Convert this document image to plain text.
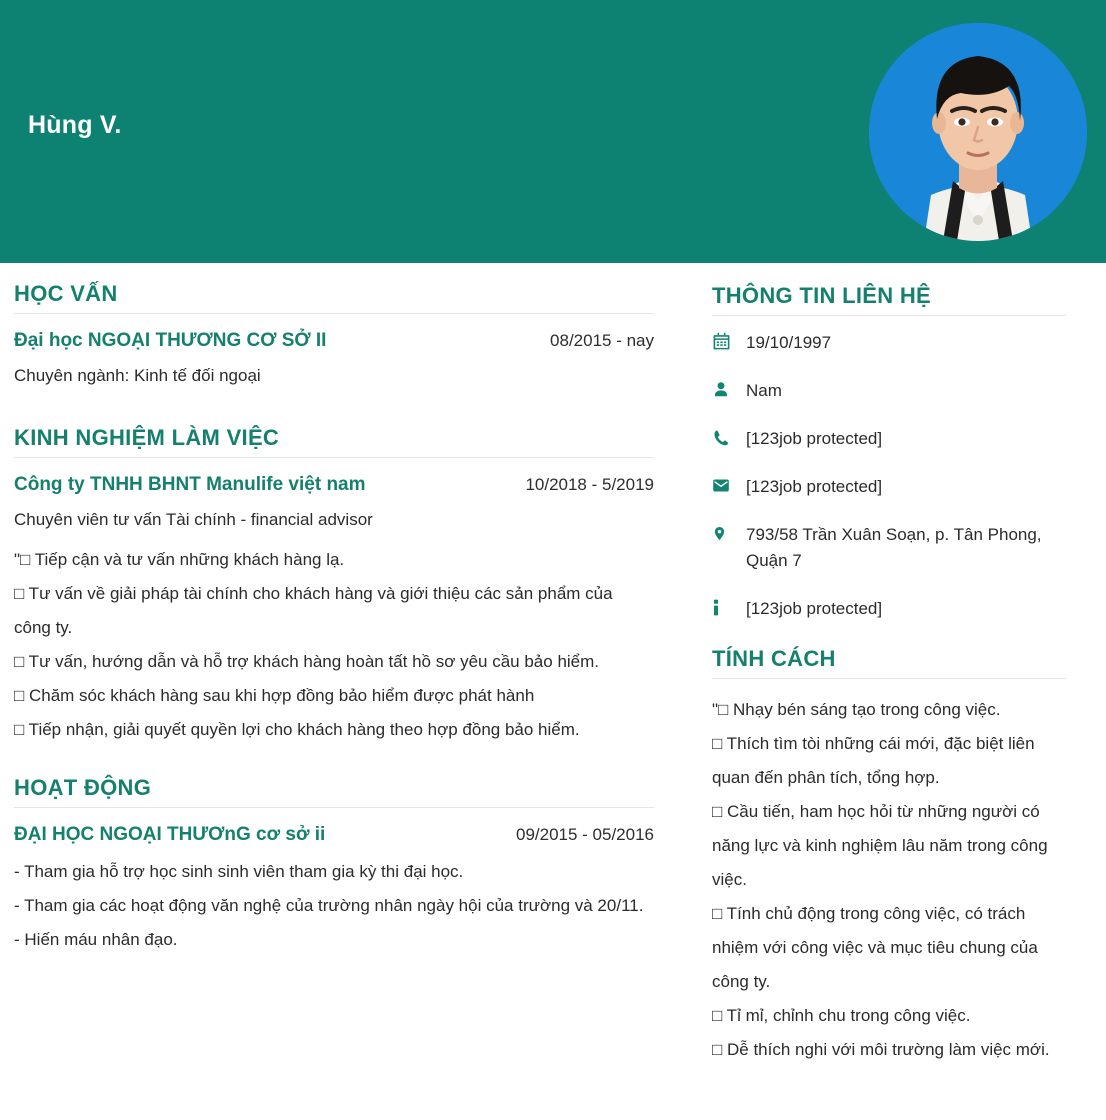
Hùng V.
HỌC VẤN
Đại học NGOẠI THƯƠNG CƠ SỞ II	08/2015 - nay
Chuyên ngành: Kinh tế đối ngoại
KINH NGHIỆM LÀM VIỆC
Công ty TNHH BHNT Manulife việt nam	10/2018 - 5/2019
Chuyên viên tư vấn Tài chính - financial advisor

"□ Tiếp cận và tư vấn những khách hàng lạ.

□ Tư vấn về giải pháp tài chính cho khách hàng và giới thiệu các sản phẩm của công ty.

□ Tư vấn, hướng dẫn và hỗ trợ khách hàng hoàn tất hồ sơ yêu cầu bảo hiểm.

□ Chăm sóc khách hàng sau khi hợp đồng bảo hiểm được phát hành

□ Tiếp nhận, giải quyết quyền lợi cho khách hàng theo hợp đồng bảo hiểm.

HOẠT ĐỘNG
ĐẠI HỌC NGOẠI THƯƠnG cơ sở ii	09/2015 - 05/2016

- Tham gia hỗ trợ học sinh sinh viên tham gia kỳ thi đại học.

- Tham gia các hoạt động văn nghệ của trường nhân ngày hội của trường và 20/11.

- Hiến máu nhân đạo.

THÔNG TIN LIÊN HỆ
19/10/1997
Nam
[123job protected]
[123job protected]
793/58 Trần Xuân Soạn, p. Tân Phong, Quận 7
[123job protected]
TÍNH CÁCH

"□ Nhạy bén sáng tạo trong công việc.

□ Thích tìm tòi những cái mới, đặc biệt liên quan đến phân tích, tổng hợp.

□ Cầu tiến, ham học hỏi từ những người có năng lực và kinh nghiệm lâu năm trong công việc.

□ Tính chủ động trong công việc, có trách nhiệm với công việc và mục tiêu chung của công ty.

□ Tỉ mỉ, chỉnh chu trong công việc.

□ Dễ thích nghi với môi trường làm việc mới.
